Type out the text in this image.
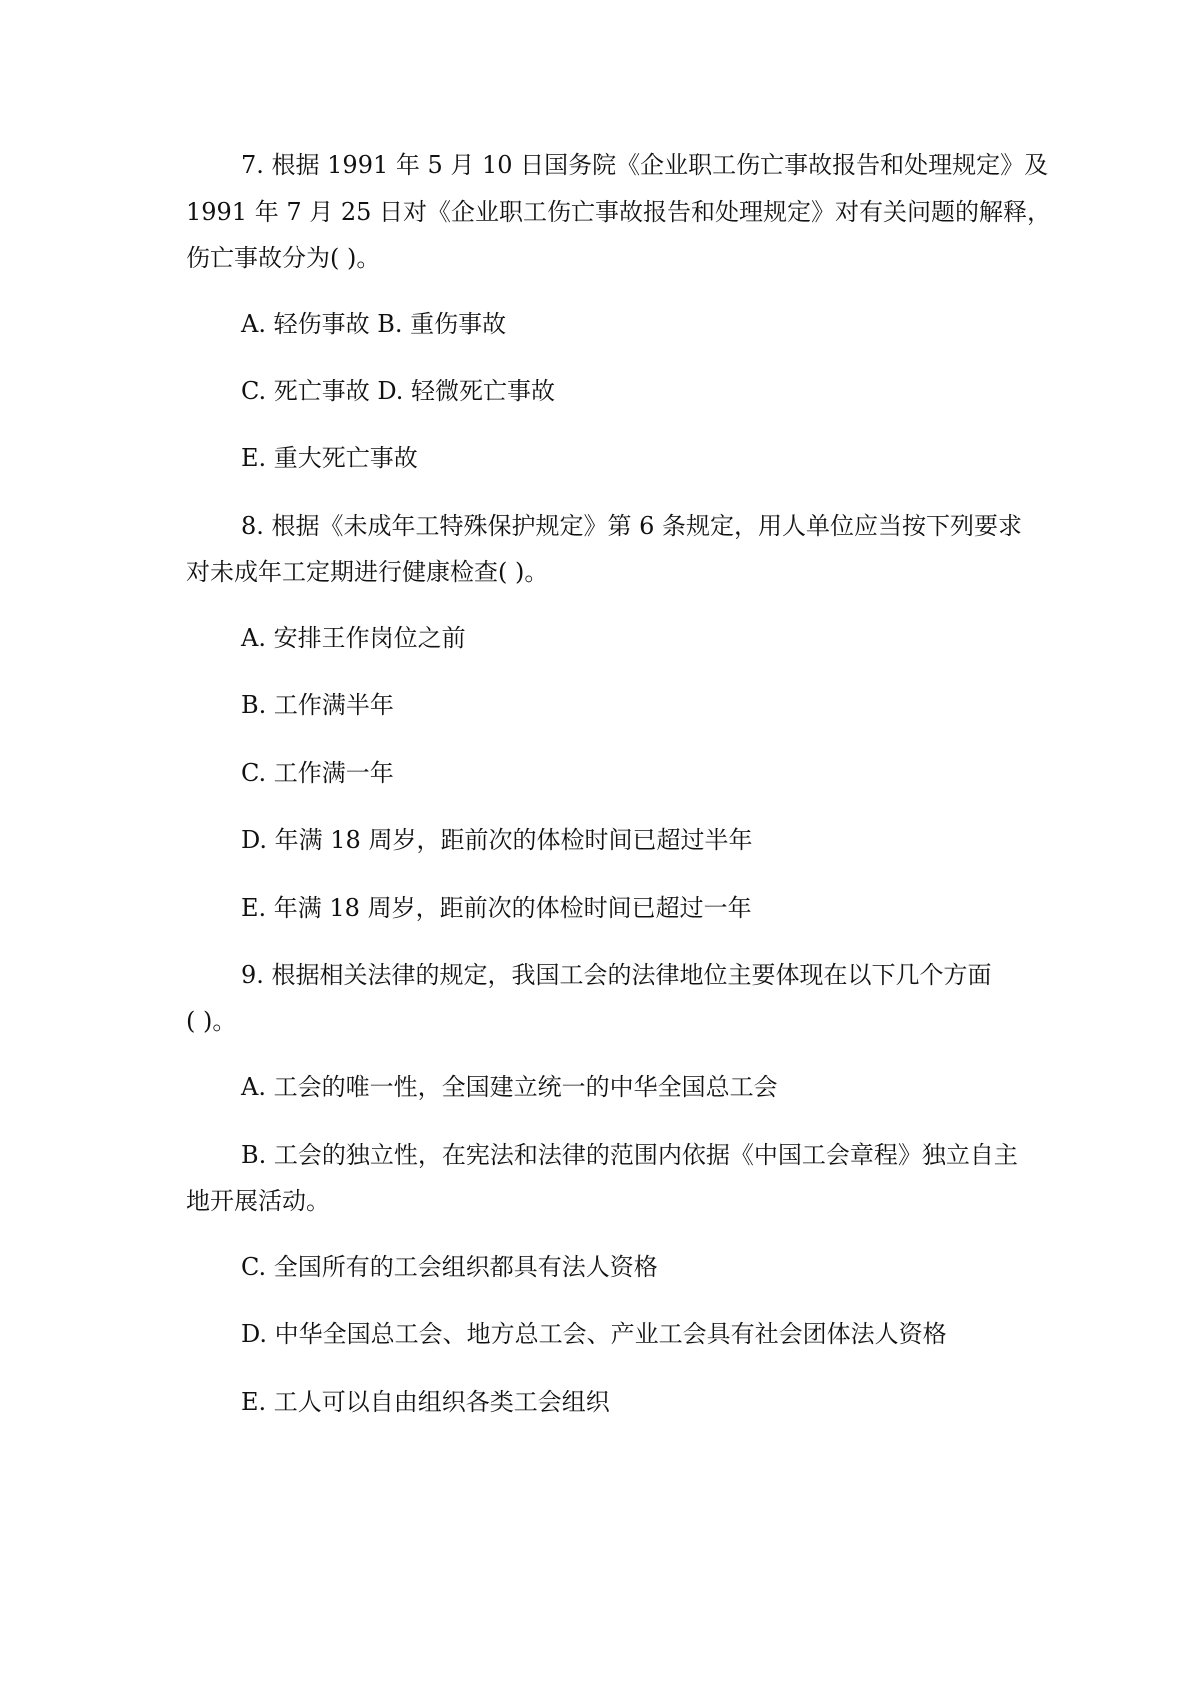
7. 根据 1991 年 5 月 10 日国务院《企业职工伤亡事故报告和处理规定》及

1991 年 7 月 25 日对《企业职工伤亡事故报告和处理规定》对有关问题的解释，

伤亡事故分为( )。

A. 轻伤事故 B. 重伤事故

C. 死亡事故 D. 轻微死亡事故

E. 重大死亡事故

8. 根据《未成年工特殊保护规定》第 6 条规定，用人单位应当按下列要求

对未成年工定期进行健康检查( )。

A. 安排王作岗位之前

B. 工作满半年

C. 工作满一年

D. 年满 18 周岁，距前次的体检时间已超过半年

E. 年满 18 周岁，距前次的体检时间已超过一年

9. 根据相关法律的规定，我国工会的法律地位主要体现在以下几个方面

( )。

A. 工会的唯一性，全国建立统一的中华全国总工会

B. 工会的独立性，在宪法和法律的范围内依据《中国工会章程》独立自主

地开展活动。

C. 全国所有的工会组织都具有法人资格

D. 中华全国总工会、地方总工会、产业工会具有社会团体法人资格

E. 工人可以自由组织各类工会组织
